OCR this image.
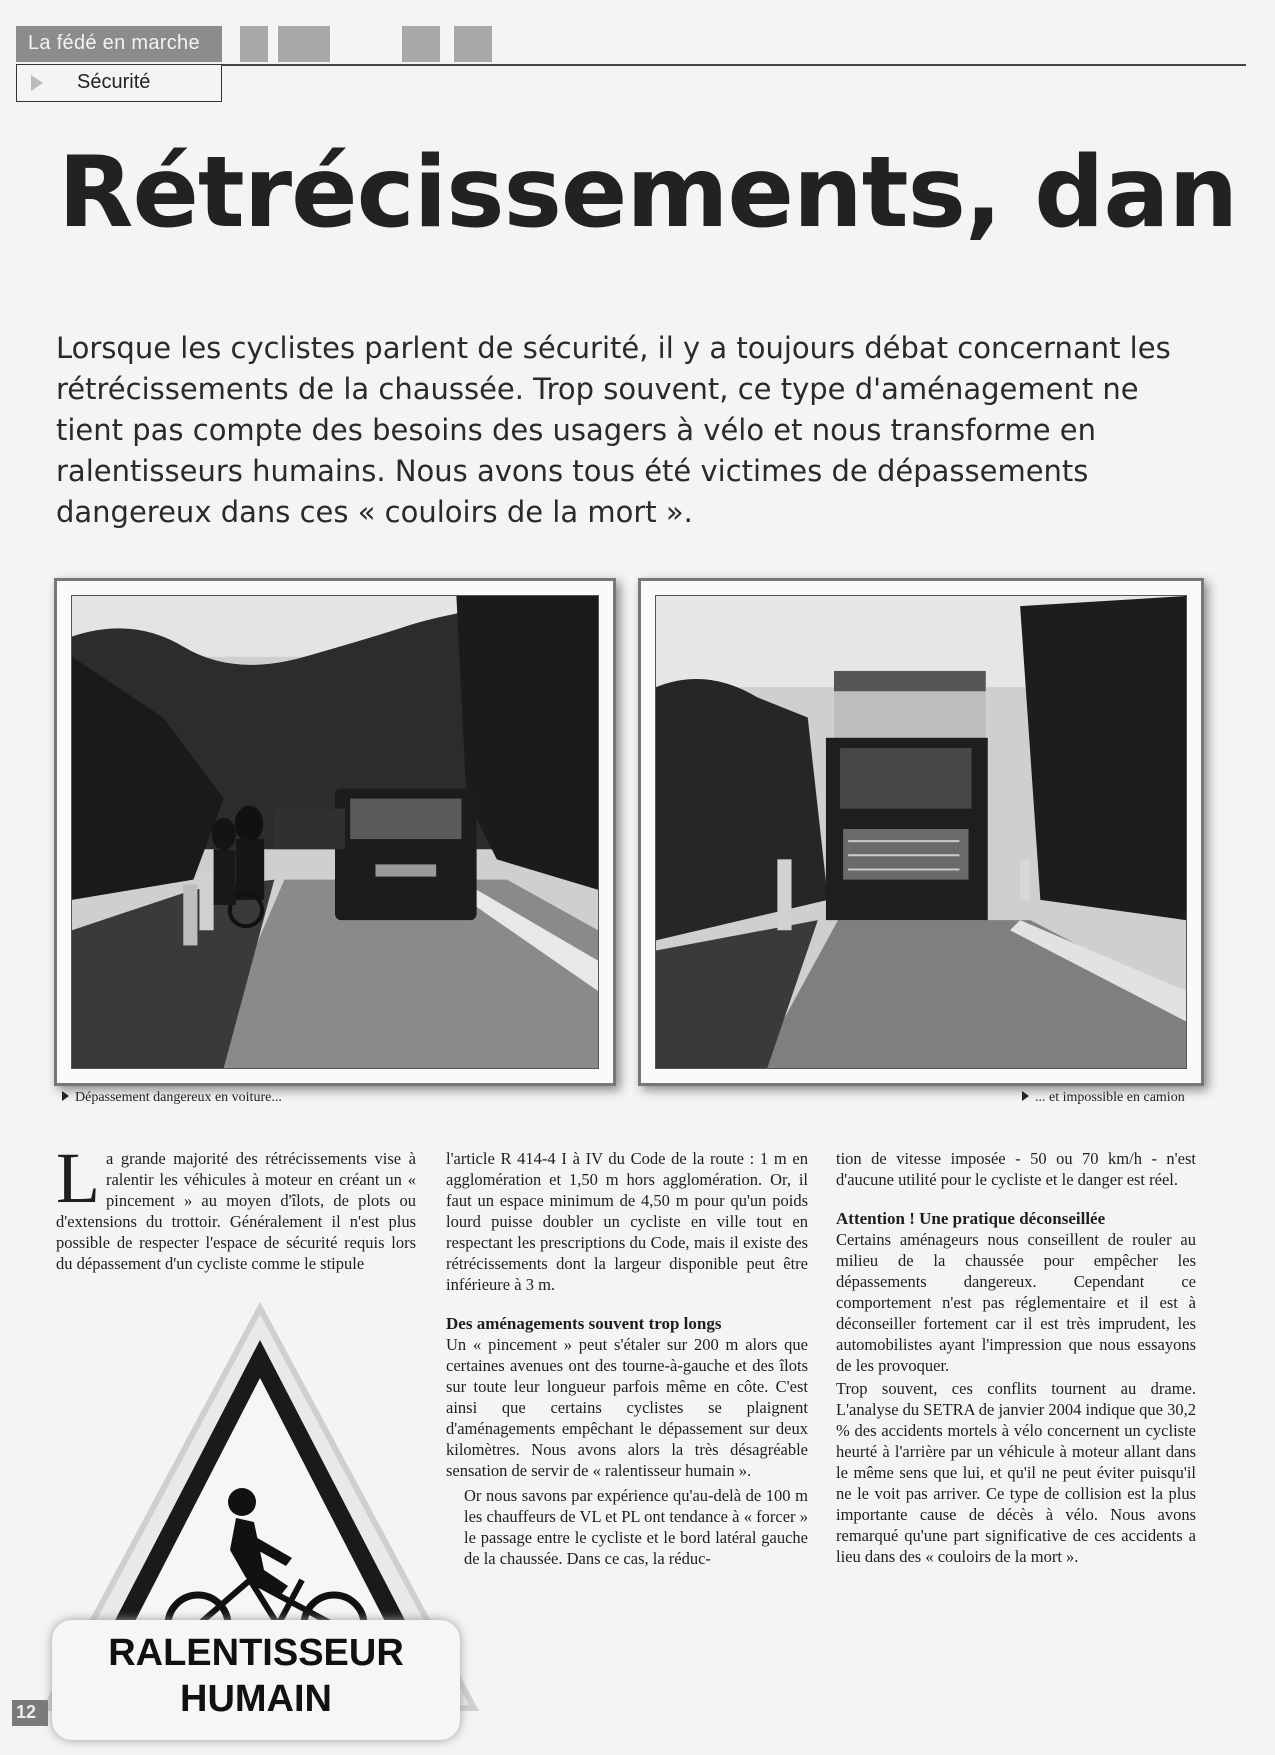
La fédé en marche
Sécurité
Rétrécissements, dan
Lorsque les cyclistes parlent de sécurité, il y a toujours débat concernant les rétrécissements de la chaussée. Trop souvent, ce type d'aménagement ne tient pas compte des besoins des usagers à vélo et nous transforme en ralentisseurs humains. Nous avons tous été victimes de dépassements dangereux dans ces « couloirs de la mort ».
Dépassement dangereux en voiture...	... et impossible en camion

La grande majorité des rétrécissements vise à ralentir les véhicules à moteur en créant un « pincement » au moyen d'îlots, de plots ou d'extensions du trottoir. Généralement il n'est plus possible de respecter l'espace de sécurité requis lors du dépassement d'un cycliste comme le stipule

l'article R 414-4 I à IV du Code de la route : 1 m en agglomération et 1,50 m hors agglomération. Or, il faut un espace minimum de 4,50 m pour qu'un poids lourd puisse doubler un cycliste en ville tout en respectant les prescriptions du Code, mais il existe des rétrécissements dont la largeur disponible peut être inférieure à 3 m.

Des aménagements souvent trop longs

Un « pincement » peut s'étaler sur 200 m alors que certaines avenues ont des tourne-à-gauche et des îlots sur toute leur longueur parfois même en côte. C'est ainsi que certains cyclistes se plaignent d'aménagements empêchant le dépassement sur deux kilomètres. Nous avons alors la très désagréable sensation de servir de « ralentisseur humain ».

Or nous savons par expérience qu'au-delà de 100 m les chauffeurs de VL et PL ont tendance à « forcer » le passage entre le cycliste et le bord latéral gauche de la chaussée. Dans ce cas, la réduc-

tion de vitesse imposée - 50 ou 70 km/h - n'est d'aucune utilité pour le cycliste et le danger est réel.

Attention ! Une pratique déconseillée

Certains aménageurs nous conseillent de rouler au milieu de la chaussée pour empêcher les dépassements dangereux. Cependant ce comportement n'est pas réglementaire et il est à déconseiller fortement car il est très imprudent, les automobilistes ayant l'impression que nous essayons de les provoquer.

Trop souvent, ces conflits tournent au drame. L'analyse du SETRA de janvier 2004 indique que 30,2 % des accidents mortels à vélo concernent un cycliste heurté à l'arrière par un véhicule à moteur allant dans le même sens que lui, et qu'il ne peut éviter puisqu'il ne le voit pas arriver. Ce type de collision est la plus importante cause de décès à vélo. Nous avons remarqué qu'une part significative de ces accidents a lieu dans des « couloirs de la mort ».

RALENTISSEUR
HUMAIN
12
